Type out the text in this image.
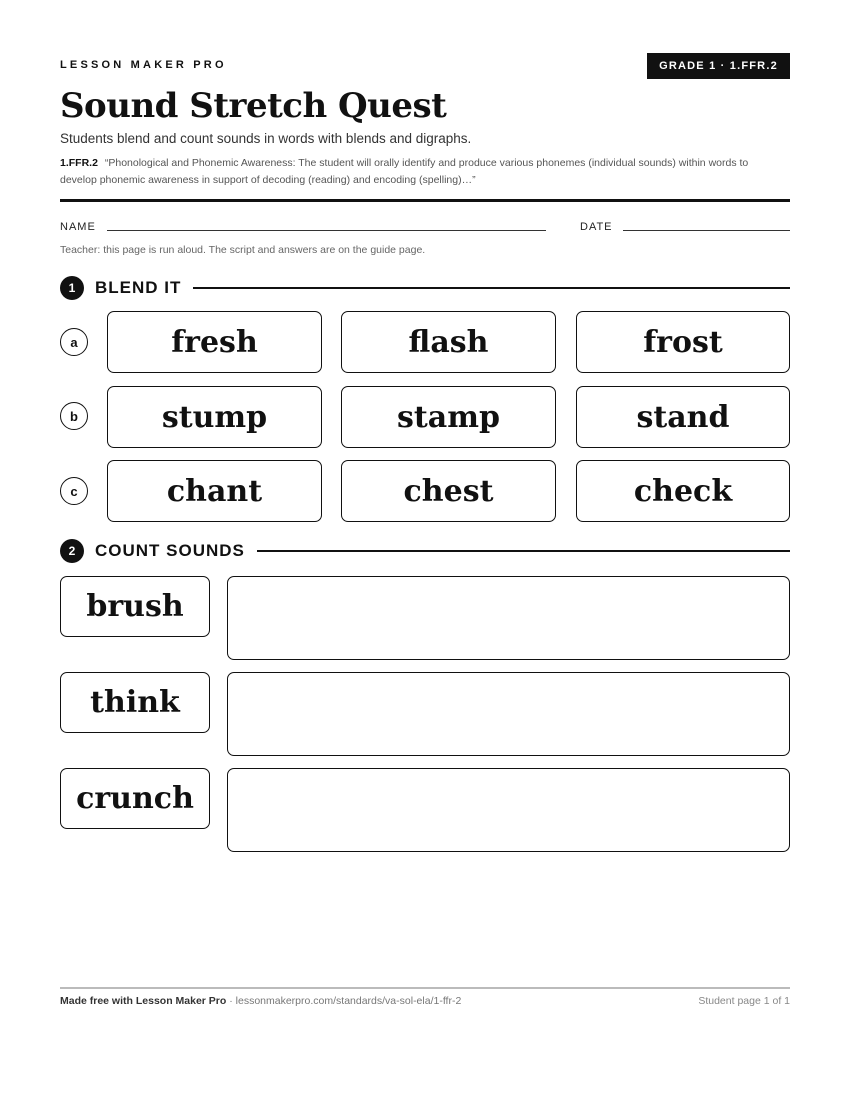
LESSON MAKER PRO	GRADE 1 · 1.FFR.2
Sound Stretch Quest

Students blend and count sounds in words with blends and digraphs.

1.FFR.2 “Phonological and Phonemic Awareness: The student will orally identify and produce various phonemes (individual sounds) within words to develop phonemic awareness in support of decoding (reading) and encoding (spelling)…”

NAME	DATE

Teacher: this page is run aloud. The script and answers are on the guide page.

1	BLEND IT
a	fresh	flash	frost
b	stump	stamp	stand
c	chant	chest	check
2	COUNT SOUNDS
brush
think
crunch
Made free with Lesson Maker Pro · lessonmakerpro.com/standards/va-sol-ela/1-ffr-2	Student page 1 of 1
